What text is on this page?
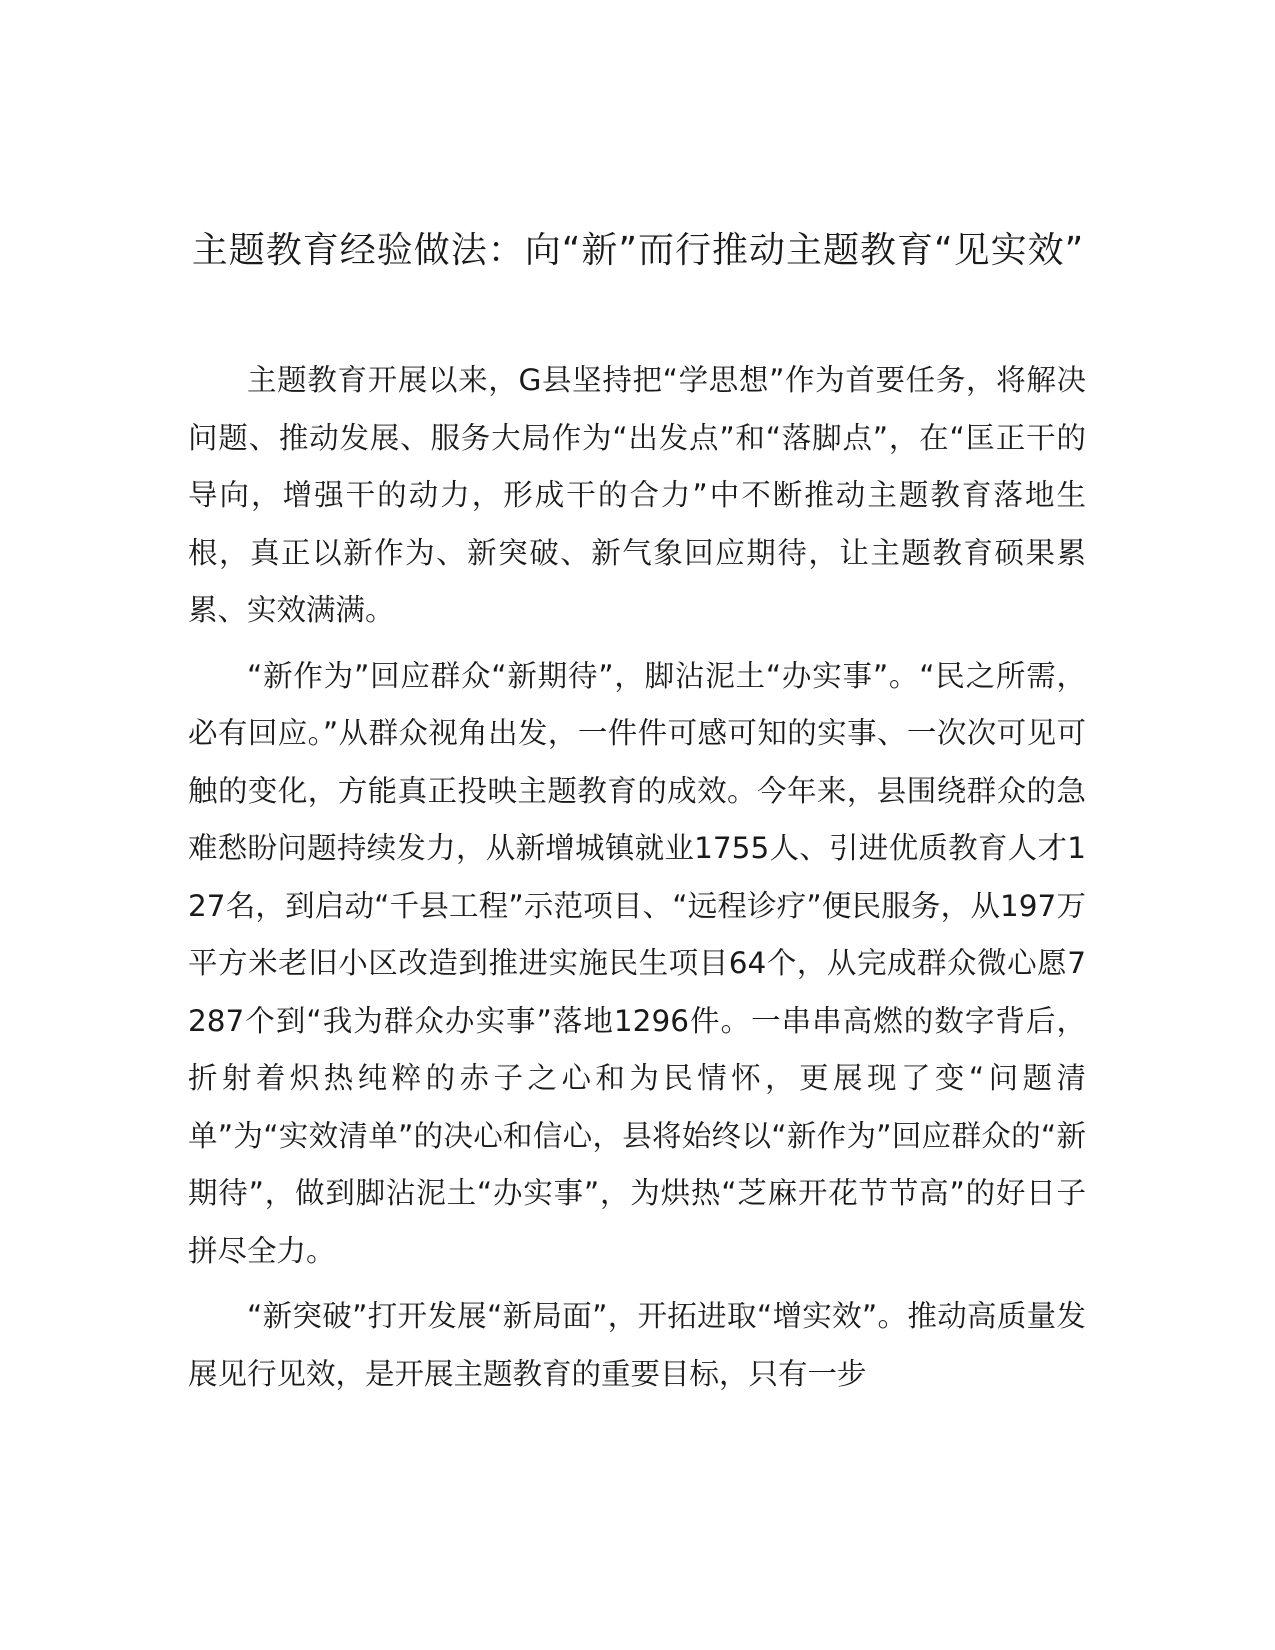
主题教育经验做法：向“新”而行推动主题教育“见实效”

主题教育开展以来，G县坚持把“学思想”作为首要任务，将解决问题、推动发展、服务大局作为“出发点”和“落脚点”，在“匡正干的导向，增强干的动力，形成干的合力”中不断推动主题教育落地生根，真正以新作为、新突破、新气象回应期待，让主题教育硕果累累、实效满满。

“新作为”回应群众“新期待”，脚沾泥土“办实事”。“民之所需，必有回应。”从群众视角出发，一件件可感可知的实事、一次次可见可触的变化，方能真正投映主题教育的成效。今年来，县围绕群众的急难愁盼问题持续发力，从新增城镇就业1755人、引进优质教育人才127名，到启动“千县工程”示范项目、“远程诊疗”便民服务，从197万平方米老旧小区改造到推进实施民生项目64个，从完成群众微心愿7287个到“我为群众办实事”落地1296件。一串串高燃的数字背后，折射着炽热纯粹的赤子之心和为民情怀，更展现了变“问题清单”为“实效清单”的决心和信心，县将始终以“新作为”回应群众的“新期待”，做到脚沾泥土“办实事”，为烘热“芝麻开花节节高”的好日子拼尽全力。

“新突破”打开发展“新局面”，开拓进取“增实效”。推动高质量发展见行见效，是开展主题教育的重要目标，只有一步
